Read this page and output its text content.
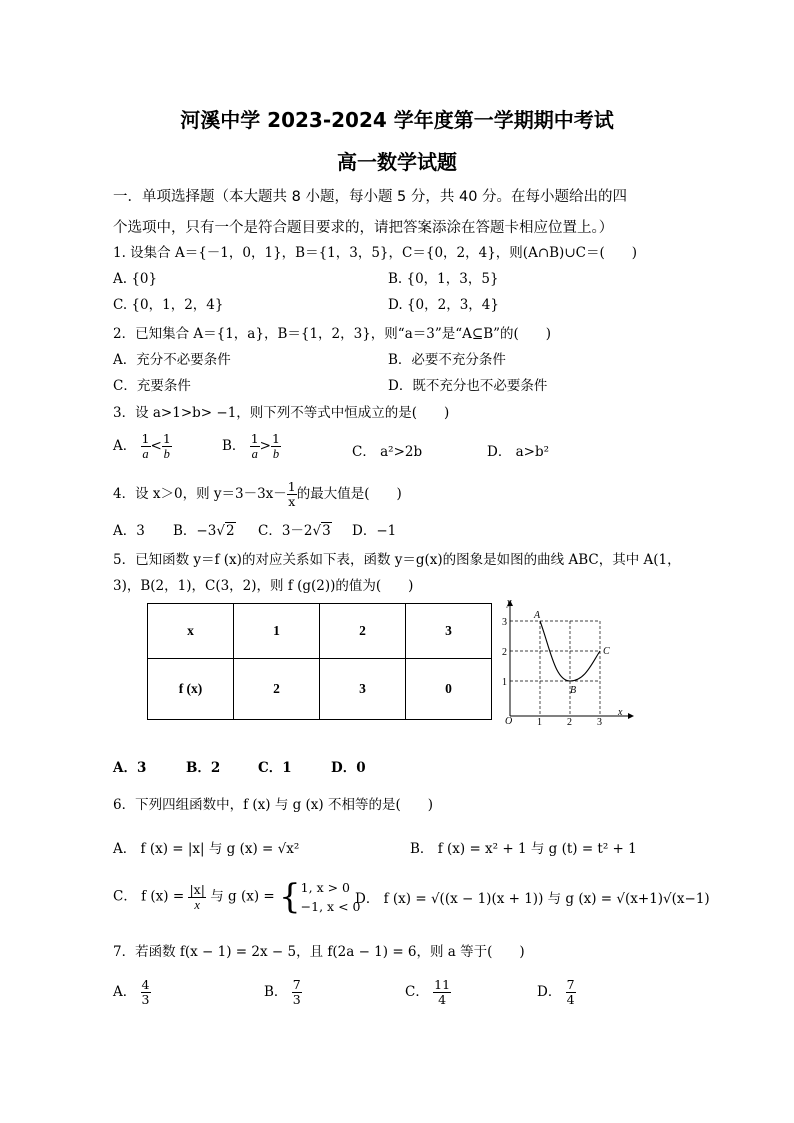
河溪中学 2023-2024 学年度第一学期期中考试
高一数学试题
一．单项选择题（本大题共 8 小题，每小题 5 分，共 40 分。在每小题给出的四
个选项中，只有一个是符合题目要求的，请把答案添涂在答题卡相应位置上。）
1. 设集合 A＝{－1，0，1}，B＝{1，3，5}，C＝{0，2，4}，则(A∩B)∪C＝(　　)
A. {0}	B. {0，1，3，5}
C. {0，1，2，4}	D. {0，2，3，4}
2．已知集合 A＝{1，a}，B＝{1，2，3}，则“a＝3”是“A⊆B”的(　　)
A．充分不必要条件	B．必要不充分条件
C．充要条件	D．既不充分也不必要条件
3．设 a>1>b> −1，则下列不等式中恒成立的是(　　)
A． $\frac{1}{a} < \frac{1}{b}$	B． $\frac{1}{a} > \frac{1}{b}$	C． a²>2b	D． a>b²
4．设 x＞0，则 $y=3-3x- \frac{1}{x}$ 的最大值是(　　)
A．3 B．−3√2 C．3－2√3 D．−1
5．已知函数 y＝f (x)的对应关系如下表，函数 y＝g(x)的图象是如图的曲线 ABC，其中 A(1，
3)，B(2，1)，C(3，2)，则 f (g(2))的值为(　　)
x	1	2	3
f (x)	2	3	0
y
x
O 1	2	3
1
2
3
A
B
C
A．3	B．2	C．1	D．0
6．下列四组函数中，f (x) 与 g (x) 不相等的是(　　)
A． f (x) = |x| 与 g (x) = √x²	B． f (x) = x² + 1 与 g (t) = t² + 1
C． f $(x) = \frac{|x|}{x}$ 与 g (x) = { 1, x > 0
−1, x < 0
D． f (x) = √((x − 1)(x + 1)) 与 g (x) = √(x+1)√(x−1)
7．若函数 f(x − 1) = 2x − 5，且 f(2a − 1) = 6，则 a 等于(　　)
A． $\frac{4}{3}$	B． $\frac{7}{3}$	C． $\frac{11}{4}$	D． $\frac{7}{4}$
